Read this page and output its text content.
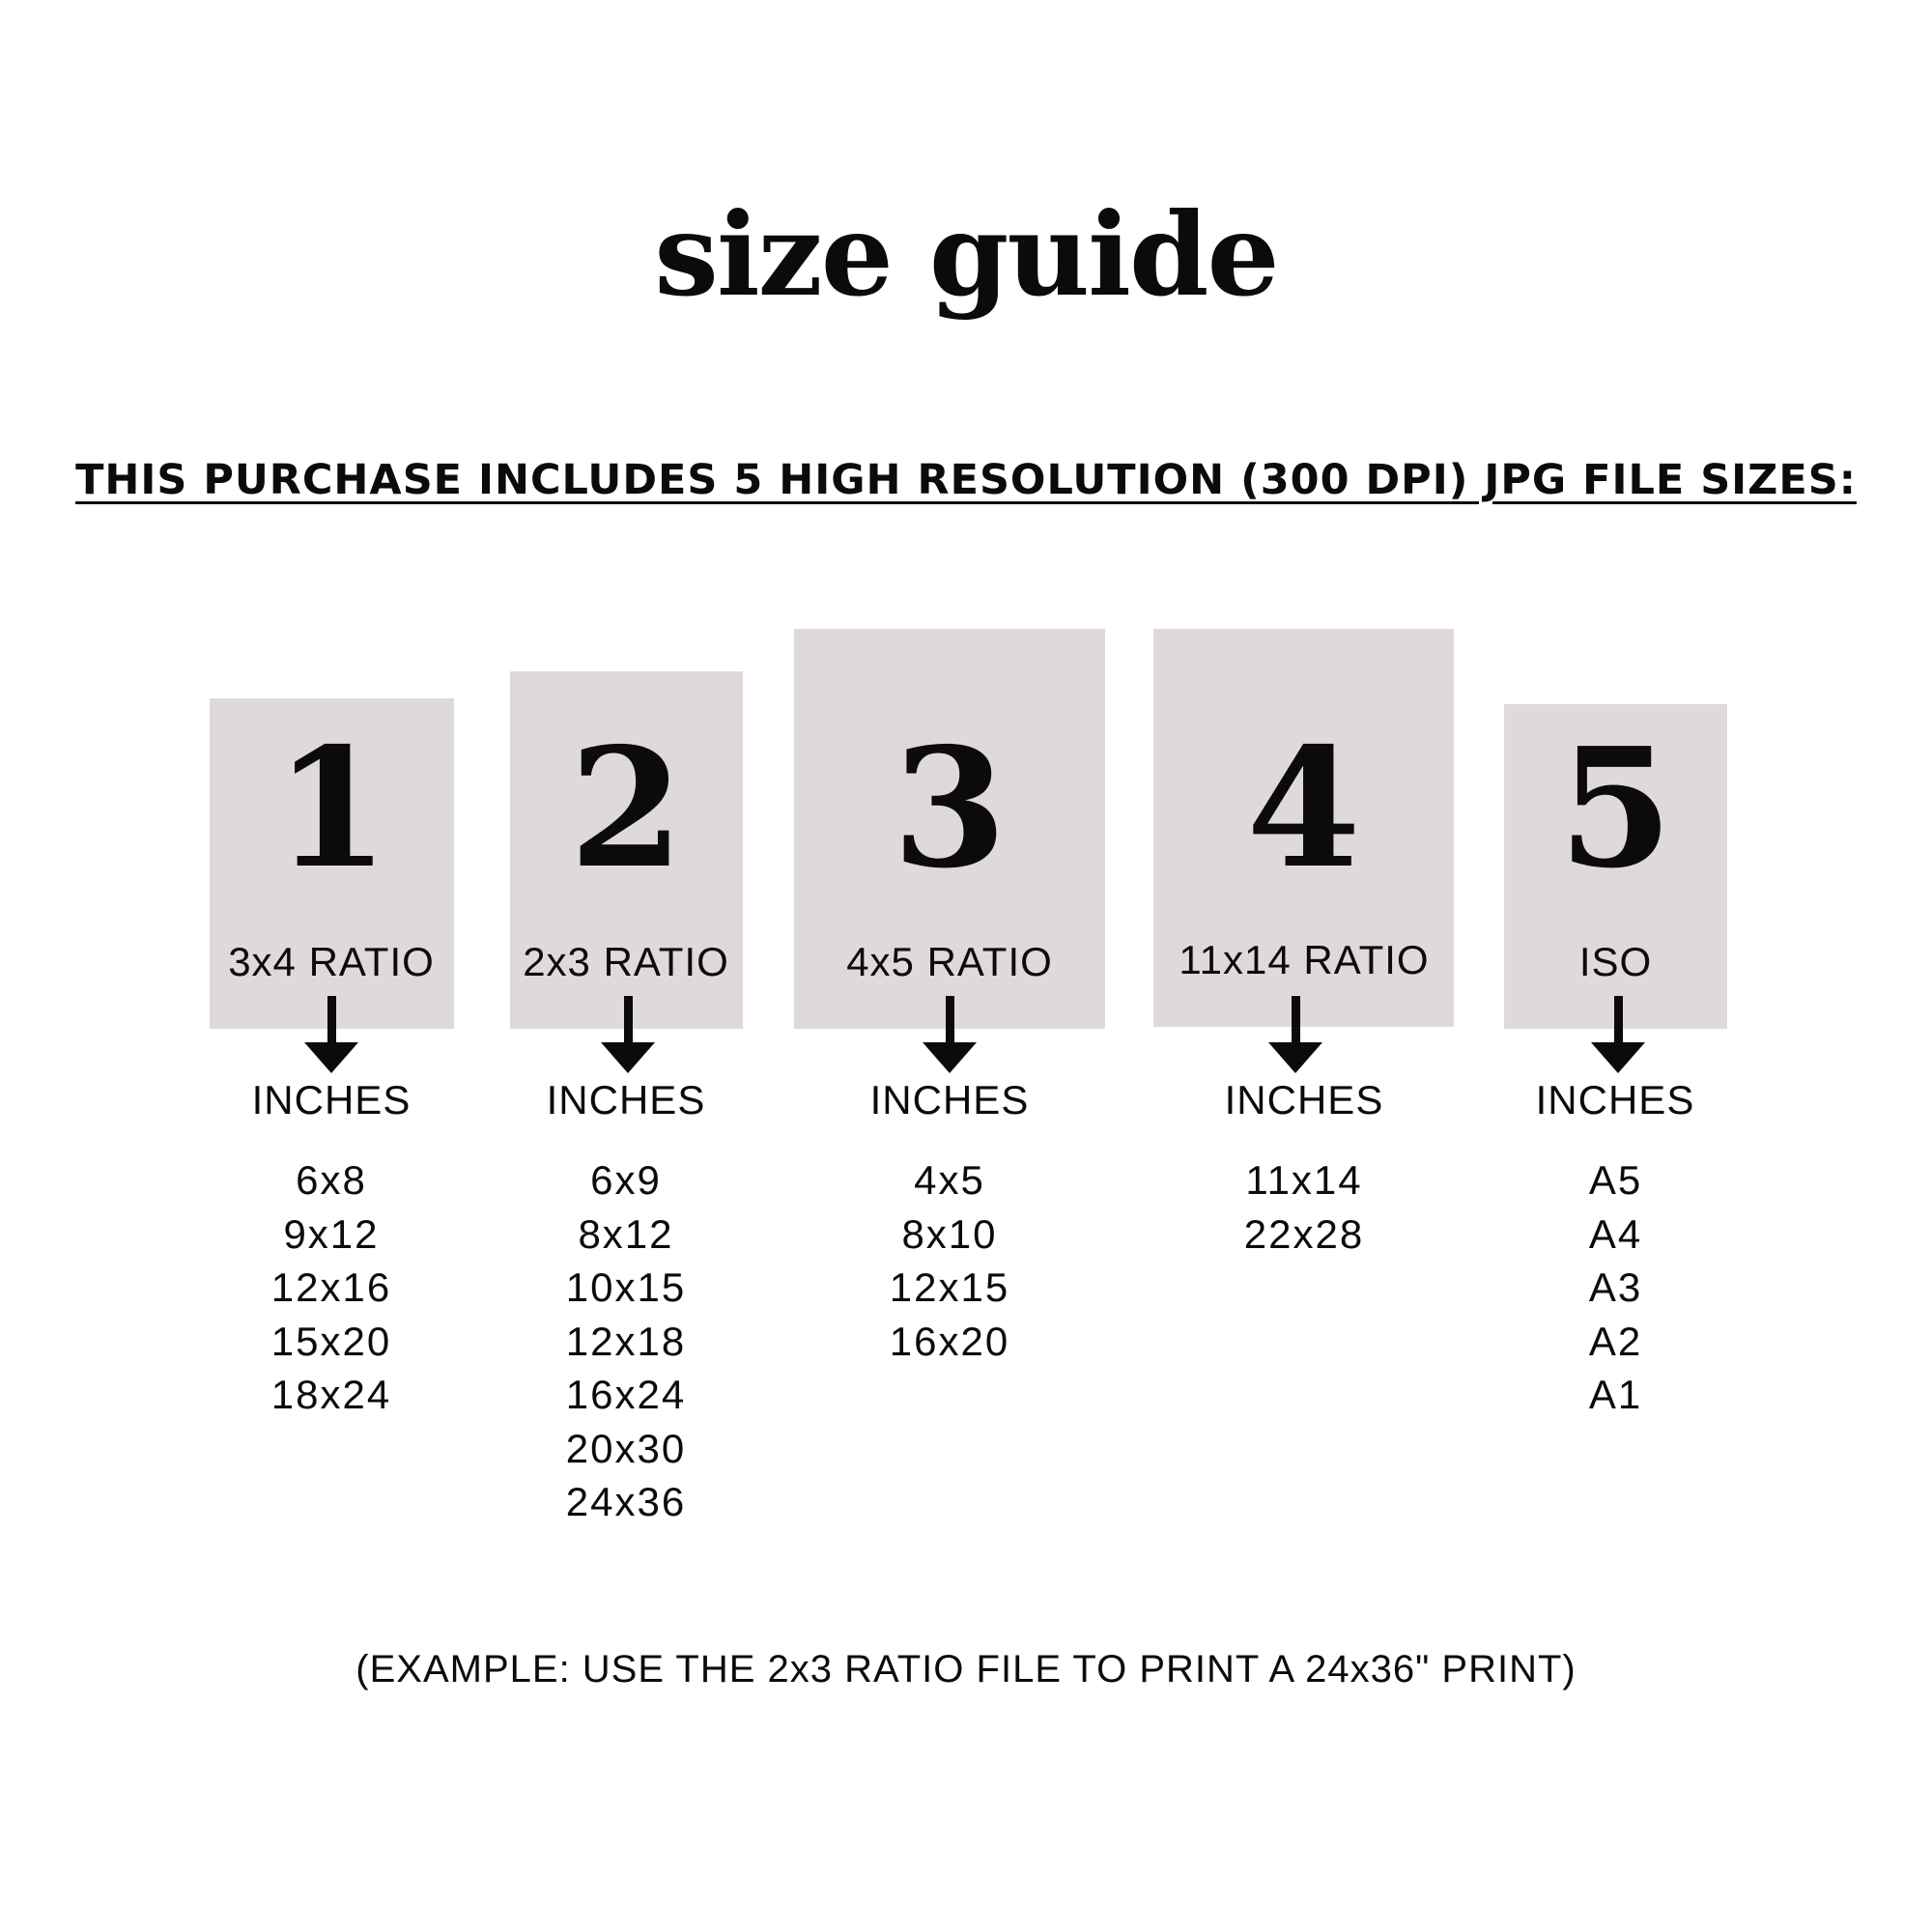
size guide
THIS PURCHASE INCLUDES 5 HIGH RESOLUTION (300 DPI) JPG FILE SIZES:
1
3x4 RATIO
INCHES
6x8
9x12
12x16
15x20
18x24
2
2x3 RATIO
INCHES
6x9
8x12
10x15
12x18
16x24
20x30
24x36
3
4x5 RATIO
INCHES
4x5
8x10
12x15
16x20
4
11x14 RATIO
INCHES
11x14
22x28
5
ISO
INCHES
A5
A4
A3
A2
A1
(EXAMPLE: USE THE 2x3 RATIO FILE TO PRINT A 24x36" PRINT)
